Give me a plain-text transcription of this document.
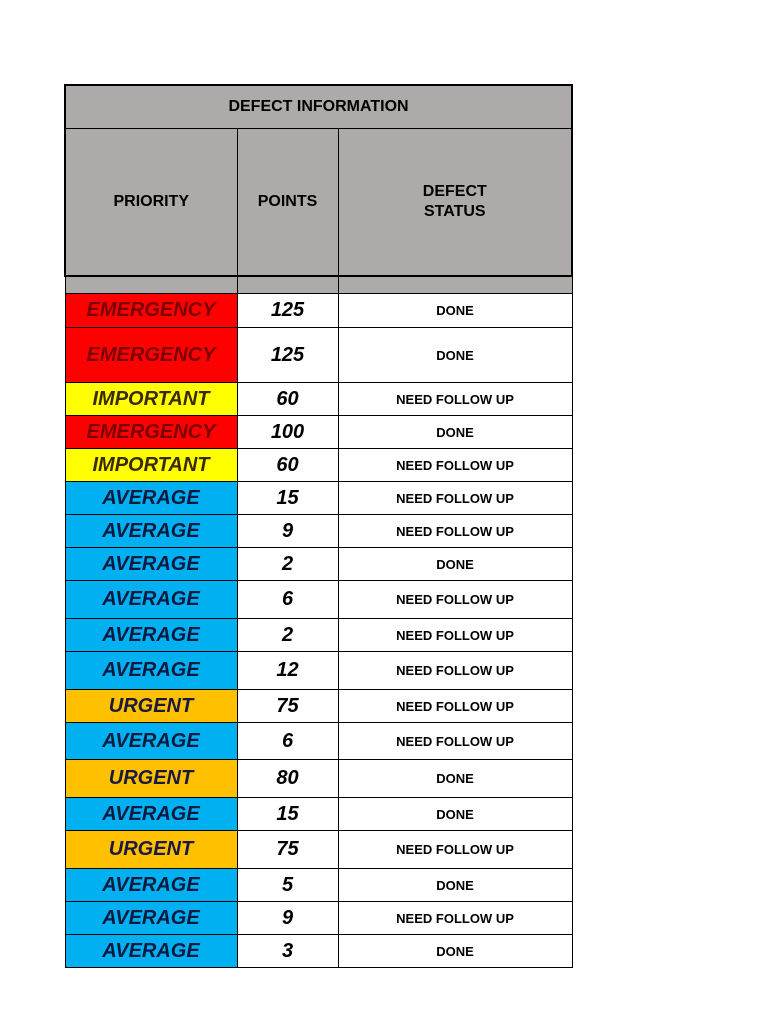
DEFECT INFORMATION		
PRIORITY	POINTS	DEFECT
STATUS

EMERGENCY	125	DONE
EMERGENCY	125	DONE
IMPORTANT	60	NEED FOLLOW UP
EMERGENCY	100	DONE
IMPORTANT	60	NEED FOLLOW UP
AVERAGE	15	NEED FOLLOW UP
AVERAGE	9	NEED FOLLOW UP
AVERAGE	2	DONE
AVERAGE	6	NEED FOLLOW UP
AVERAGE	2	NEED FOLLOW UP
AVERAGE	12	NEED FOLLOW UP
URGENT	75	NEED FOLLOW UP
AVERAGE	6	NEED FOLLOW UP
URGENT	80	DONE
AVERAGE	15	DONE
URGENT	75	NEED FOLLOW UP
AVERAGE	5	DONE
AVERAGE	9	NEED FOLLOW UP
AVERAGE	3	DONE
